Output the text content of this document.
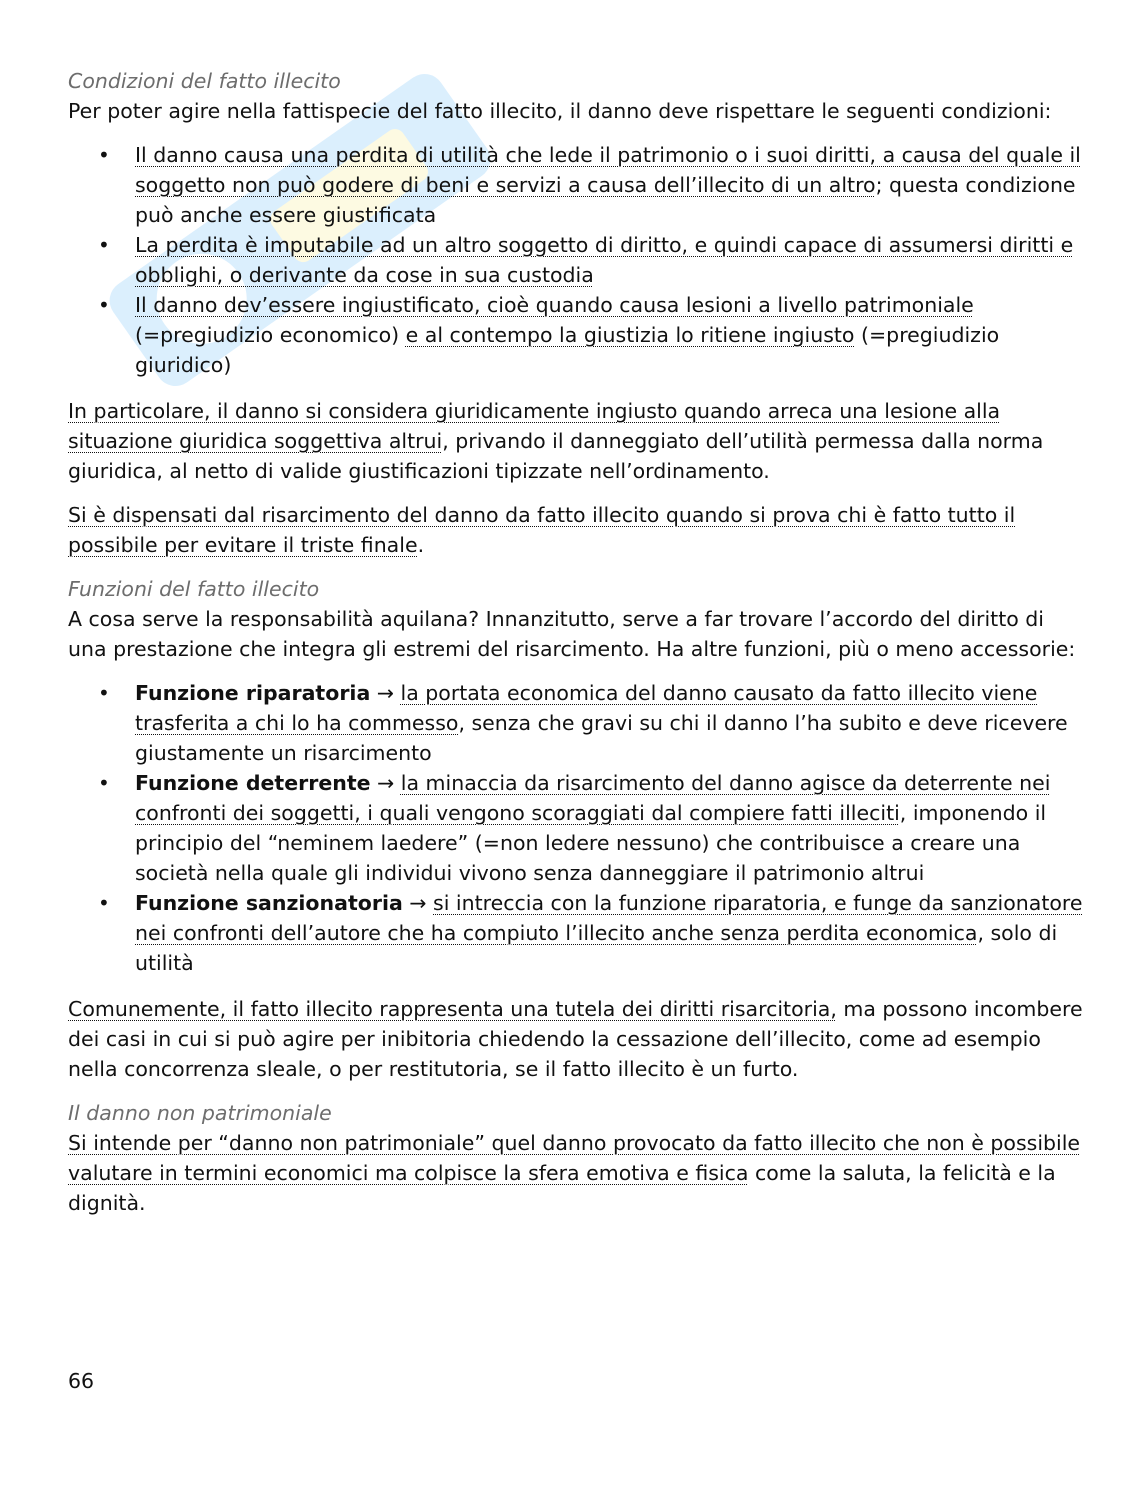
Condizioni del fatto illecito

Per poter agire nella fattispecie del fatto illecito, il danno deve rispettare le seguenti condizioni:

• Il danno causa una perdita di utilità che lede il patrimonio o i suoi diritti, a causa del quale il soggetto non può godere di beni e servizi a causa dell’illecito di un altro; questa condizione può anche essere giustificata
• La perdita è imputabile ad un altro soggetto di diritto, e quindi capace di assumersi diritti e obblighi, o derivante da cose in sua custodia
• Il danno dev’essere ingiustificato, cioè quando causa lesioni a livello patrimoniale (=pregiudizio economico) e al contempo la giustizia lo ritiene ingiusto (=pregiudizio giuridico)

In particolare, il danno si considera giuridicamente ingiusto quando arreca una lesione alla situazione giuridica soggettiva altrui, privando il danneggiato dell’utilità permessa dalla norma giuridica, al netto di valide giustificazioni tipizzate nell’ordinamento.

Si è dispensati dal risarcimento del danno da fatto illecito quando si prova chi è fatto tutto il possibile per evitare il triste finale.

Funzioni del fatto illecito

A cosa serve la responsabilità aquilana? Innanzitutto, serve a far trovare l’accordo del diritto di una prestazione che integra gli estremi del risarcimento. Ha altre funzioni, più o meno accessorie:

• Funzione riparatoria → la portata economica del danno causato da fatto illecito viene trasferita a chi lo ha commesso, senza che gravi su chi il danno l’ha subito e deve ricevere giustamente un risarcimento
• Funzione deterrente → la minaccia da risarcimento del danno agisce da deterrente nei confronti dei soggetti, i quali vengono scoraggiati dal compiere fatti illeciti, imponendo il principio del “neminem laedere” (=non ledere nessuno) che contribuisce a creare una società nella quale gli individui vivono senza danneggiare il patrimonio altrui
• Funzione sanzionatoria → si intreccia con la funzione riparatoria, e funge da sanzionatore nei confronti dell’autore che ha compiuto l’illecito anche senza perdita economica, solo di utilità

Comunemente, il fatto illecito rappresenta una tutela dei diritti risarcitoria, ma possono incombere dei casi in cui si può agire per inibitoria chiedendo la cessazione dell’illecito, come ad esempio nella concorrenza sleale, o per restitutoria, se il fatto illecito è un furto.

Il danno non patrimoniale

Si intende per “danno non patrimoniale” quel danno provocato da fatto illecito che non è possibile valutare in termini economici ma colpisce la sfera emotiva e fisica come la saluta, la felicità e la dignità.

66
